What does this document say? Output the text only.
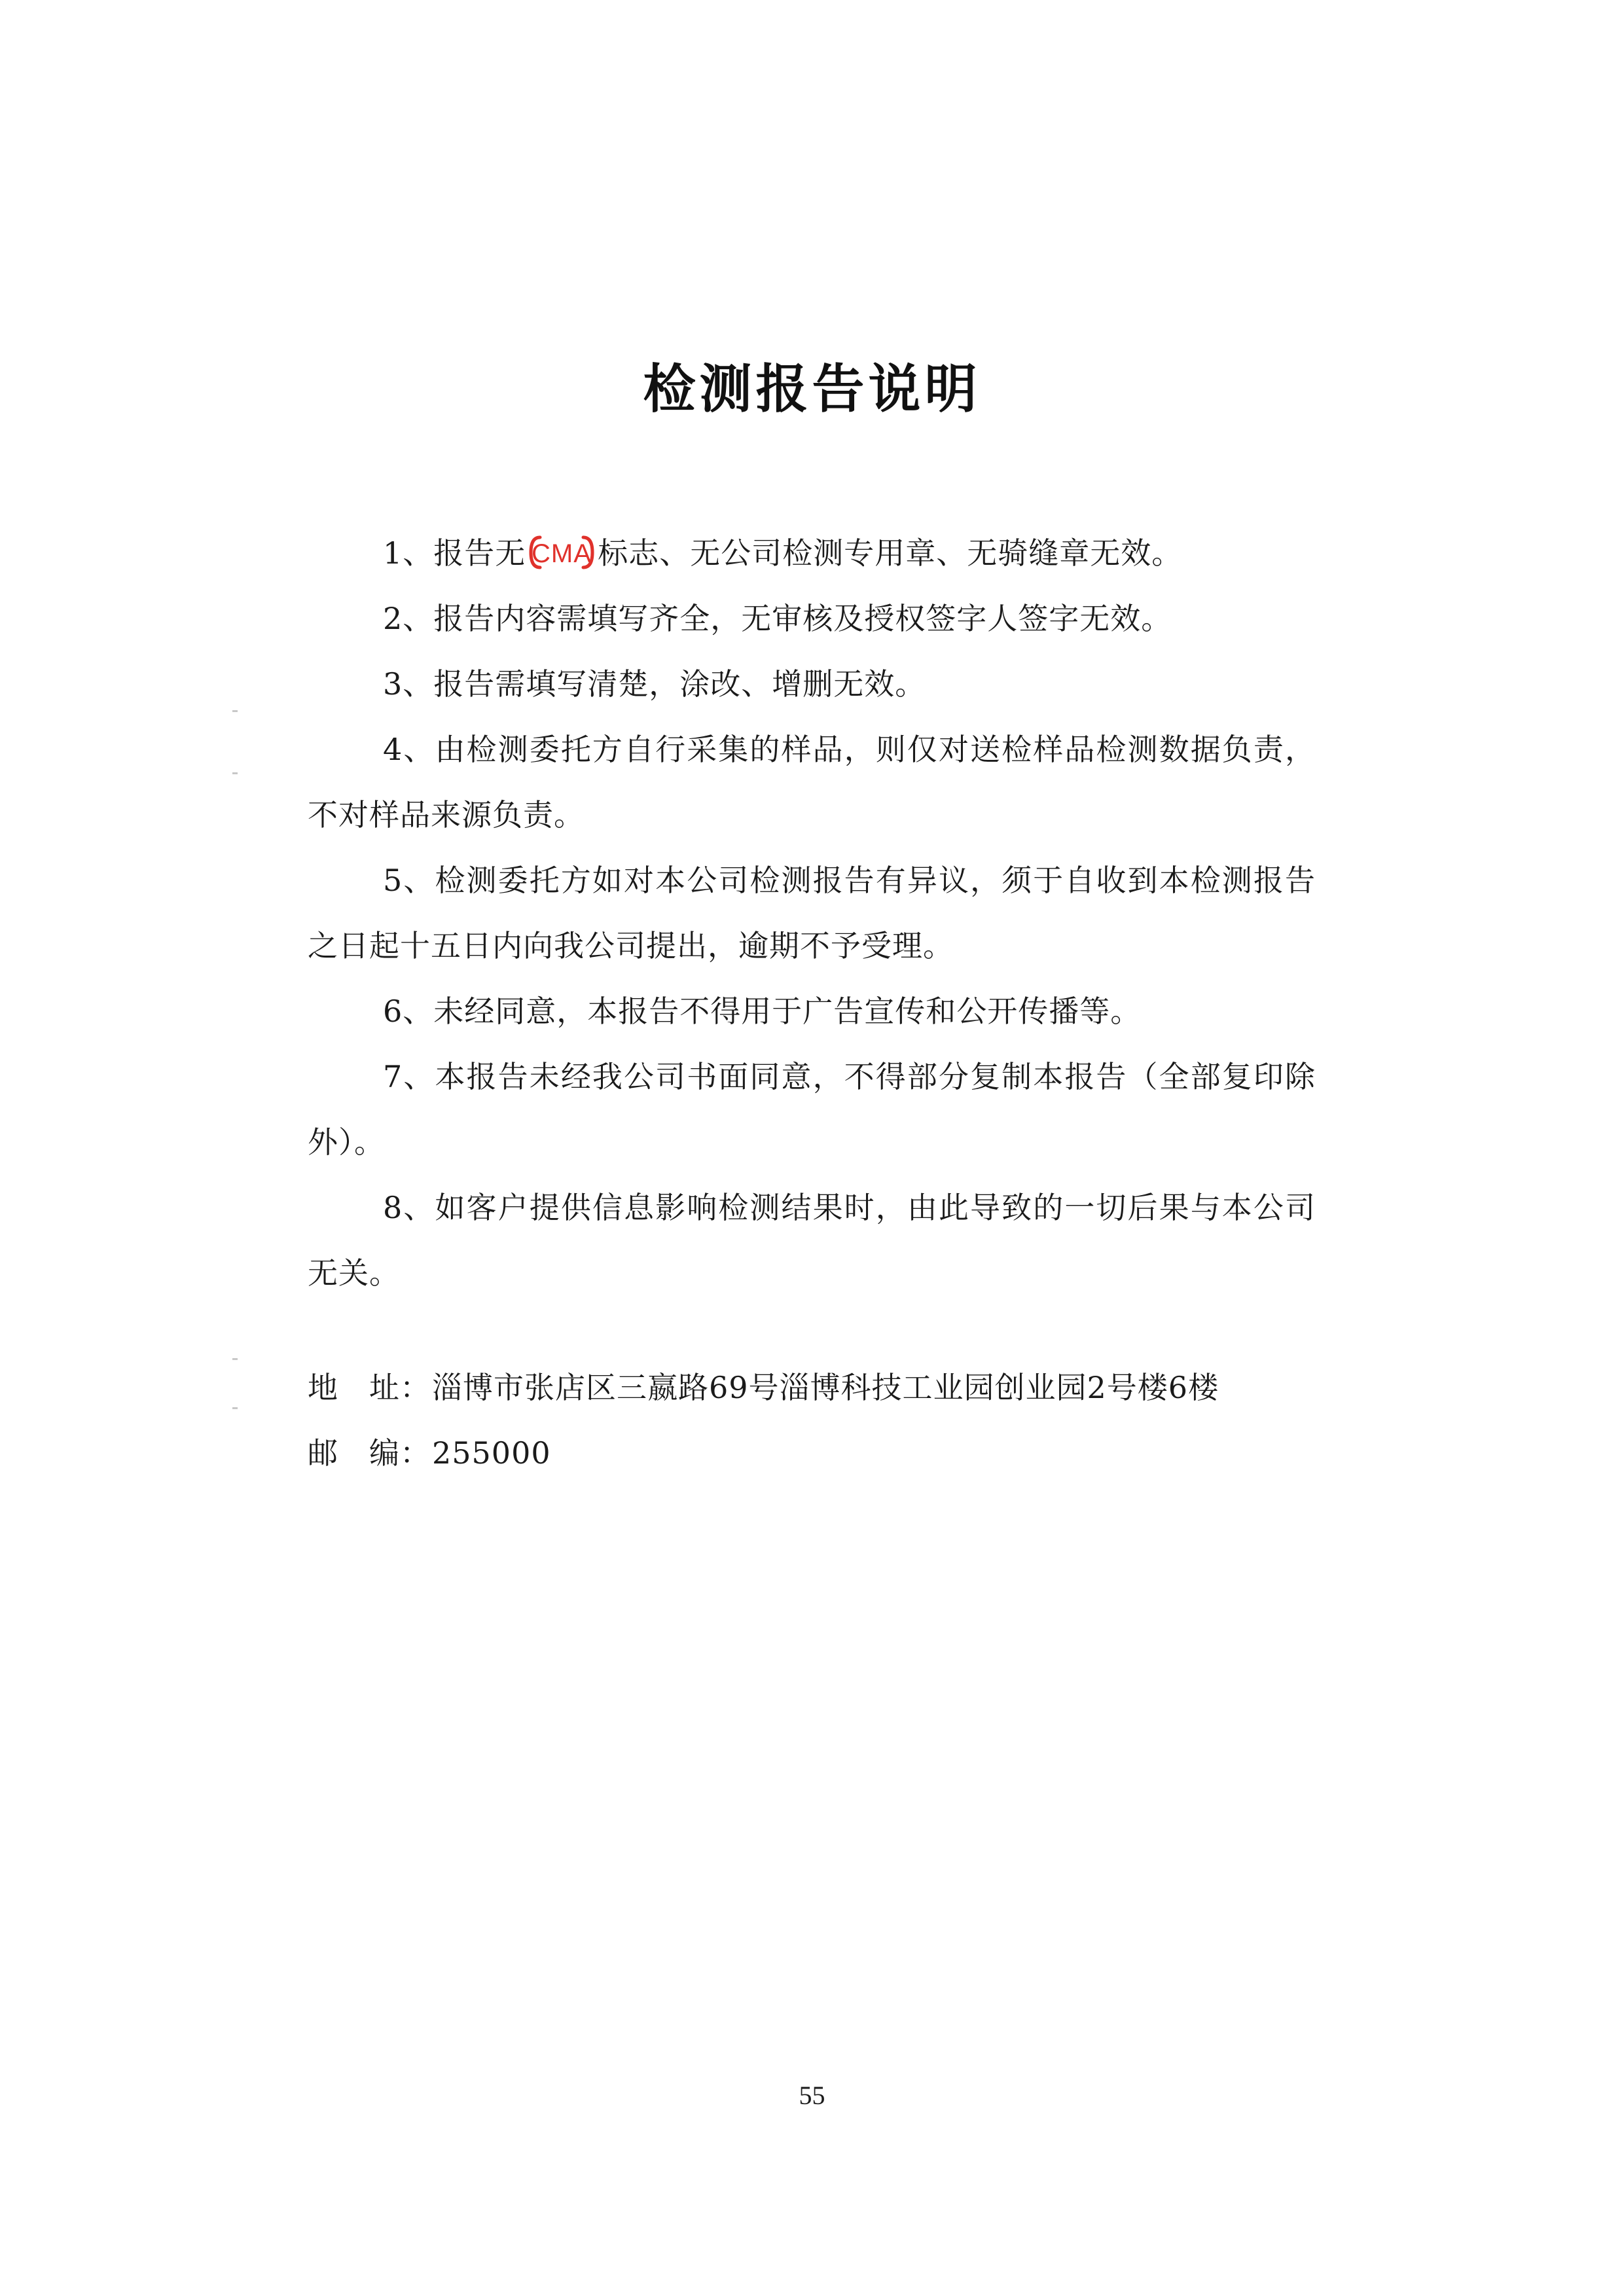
检测报告说明

1、报告无 CMA 标志、无公司检测专用章、无骑缝章无效。

2、报告内容需填写齐全，无审核及授权签字人签字无效。

3、报告需填写清楚，涂改、增删无效。

4、由检测委托方自行采集的样品，则仅对送检样品检测数据负责，不对样品来源负责。

5、检测委托方如对本公司检测报告有异议，须于自收到本检测报告之日起十五日内向我公司提出，逾期不予受理。

6、未经同意，本报告不得用于广告宣传和公开传播等。

7、本报告未经我公司书面同意，不得部分复制本报告（全部复印除外）。

8、如客户提供信息影响检测结果时，由此导致的一切后果与本公司无关。

地　址：淄博市张店区三嬴路69号淄博科技工业园创业园2号楼6楼
邮　编：255000
55
